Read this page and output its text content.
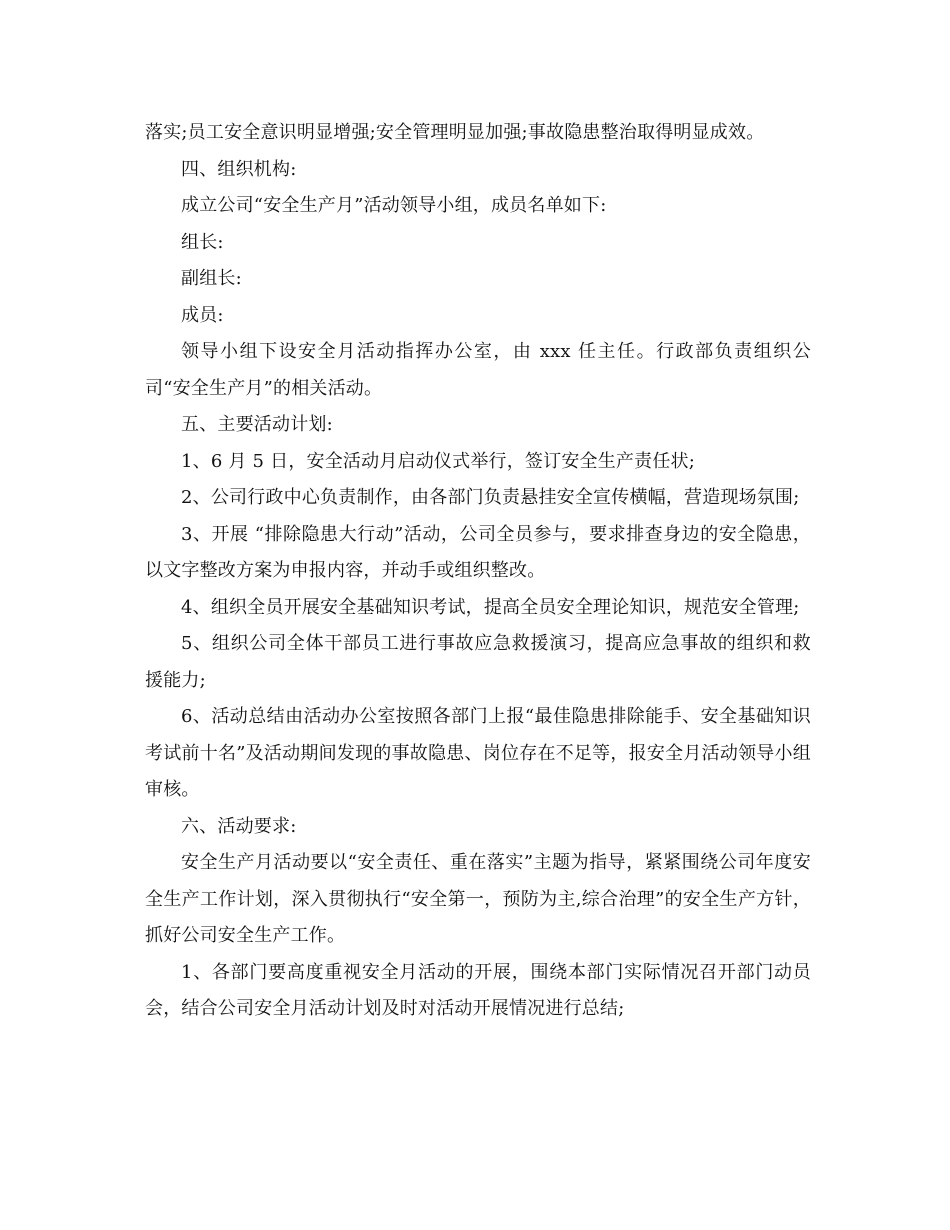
落实;员工安全意识明显增强;安全管理明显加强;事故隐患整治取得明显成效。

四、组织机构:

成立公司“安全生产月”活动领导小组，成员名单如下:

组长:

副组长:

成员:

领导小组下设安全月活动指挥办公室，由 xxx 任主任。行政部负责组织公司“安全生产月”的相关活动。

五、主要活动计划:

1、6 月 5 日，安全活动月启动仪式举行，签订安全生产责任状;

2、公司行政中心负责制作，由各部门负责悬挂安全宣传横幅，营造现场氛围;

3、开展 “排除隐患大行动”活动，公司全员参与，要求排查身边的安全隐患，以文字整改方案为申报内容，并动手或组织整改。

4、组织全员开展安全基础知识考试，提高全员安全理论知识，规范安全管理;

5、组织公司全体干部员工进行事故应急救援演习，提高应急事故的组织和救援能力;

6、活动总结由活动办公室按照各部门上报“最佳隐患排除能手、安全基础知识考试前十名”及活动期间发现的事故隐患、岗位存在不足等，报安全月活动领导小组审核。

六、活动要求:

安全生产月活动要以“安全责任、重在落实”主题为指导，紧紧围绕公司年度安全生产工作计划，深入贯彻执行“安全第一，预防为主,综合治理”的安全生产方针，抓好公司安全生产工作。

1、各部门要高度重视安全月活动的开展，围绕本部门实际情况召开部门动员会，结合公司安全月活动计划及时对活动开展情况进行总结;
